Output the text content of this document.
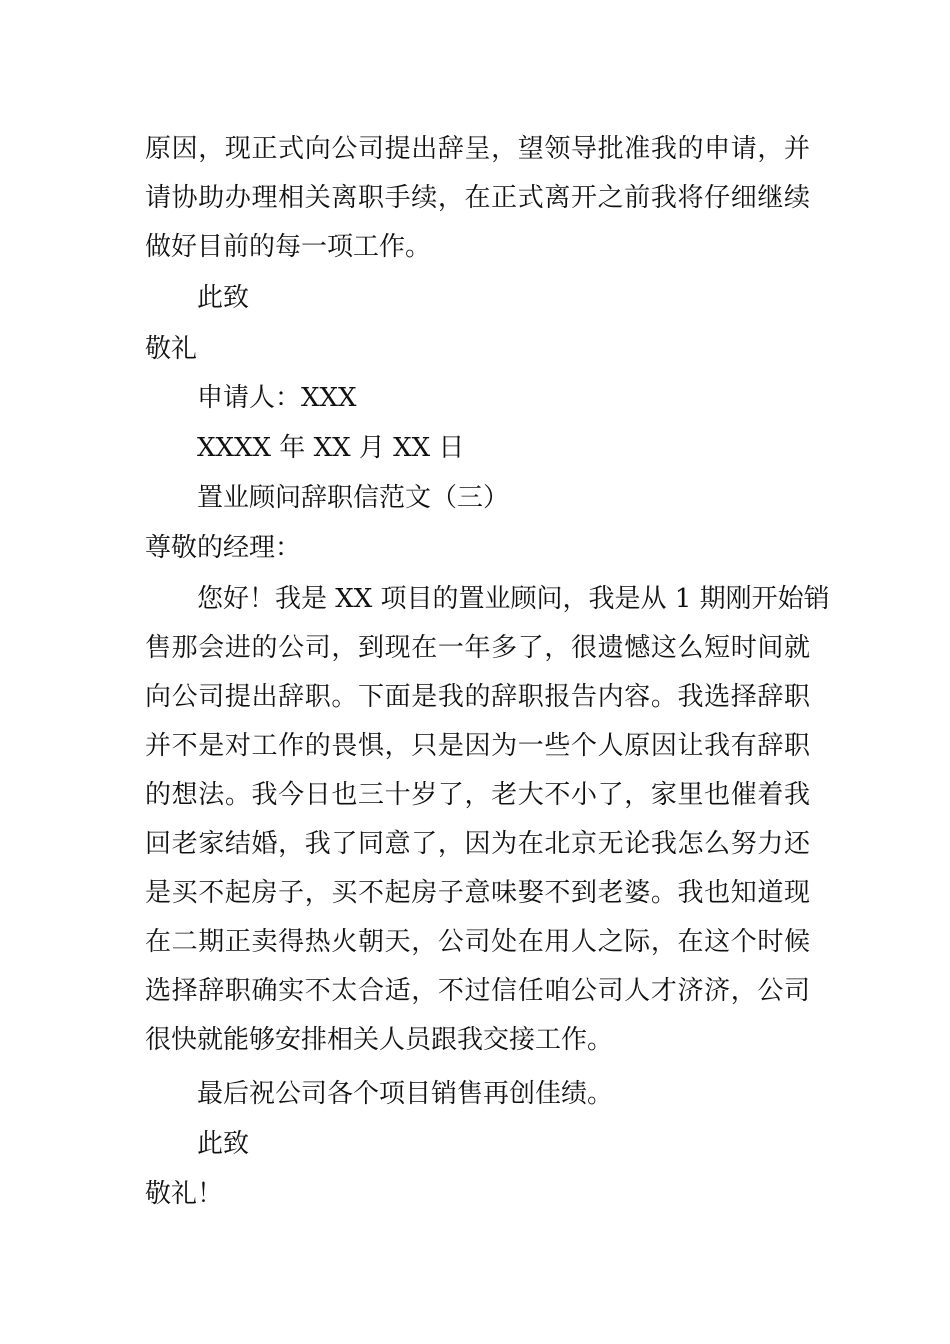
原因，现正式向公司提出辞呈，望领导批准我的申请，并
请协助办理相关离职手续，在正式离开之前我将仔细继续
做好目前的每一项工作。
此致
敬礼
申请人：XXX
XXXX 年 XX 月 XX 日
置业顾问辞职信范文（三）
尊敬的经理：
您好！我是 XX 项目的置业顾问，我是从 1 期刚开始销
售那会进的公司，到现在一年多了，很遗憾这么短时间就
向公司提出辞职。下面是我的辞职报告内容。我选择辞职
并不是对工作的畏惧，只是因为一些个人原因让我有辞职
的想法。我今日也三十岁了，老大不小了，家里也催着我
回老家结婚，我了同意了，因为在北京无论我怎么努力还
是买不起房子，买不起房子意味娶不到老婆。我也知道现
在二期正卖得热火朝天，公司处在用人之际，在这个时候
选择辞职确实不太合适，不过信任咱公司人才济济，公司
很快就能够安排相关人员跟我交接工作。
最后祝公司各个项目销售再创佳绩。
此致
敬礼！
